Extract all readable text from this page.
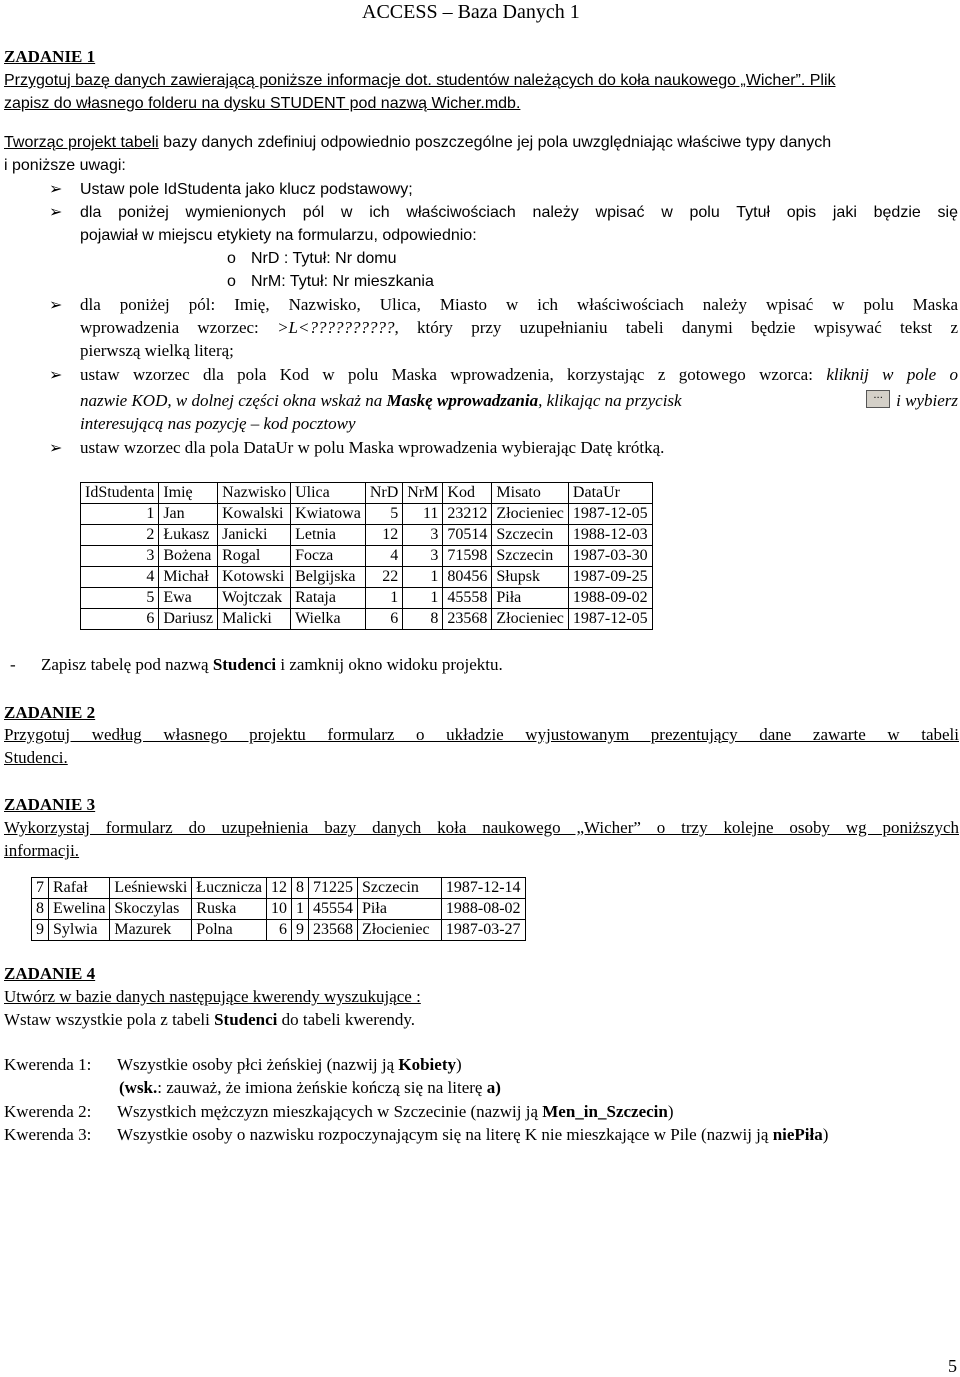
ACCESS – Baza Danych 1
ZADANIE 1
Przygotuj bazę danych zawierającą poniższe informacje dot. studentów należących do koła naukowego „Wicher”. Plik
zapisz do własnego folderu na dysku STUDENT pod nazwą Wicher.mdb.
Tworząc projekt tabeli bazy danych zdefiniuj odpowiednio poszczególne jej pola uwzględniając właściwe typy danych
i poniższe uwagi:
➢ Ustaw pole IdStudenta jako klucz podstawowy;
➢ dla poniżej wymienionych pól w ich właściwościach należy wpisać w polu Tytuł opis jaki będzie się
pojawiał w miejscu etykiety na formularzu, odpowiednio:
o NrD : Tytuł: Nr domu
o NrM: Tytuł: Nr mieszkania
➢ dla poniżej pól: Imię, Nazwisko, Ulica, Miasto w ich właściwościach należy wpisać w polu Maska
wprowadzenia wzorzec: >L<??????????, który przy uzupełnianiu tabeli danymi będzie wpisywać tekst z
pierwszą wielką literą;
➢ ustaw wzorzec dla pola Kod w polu Maska wprowadzenia, korzystając z gotowego wzorca: kliknij w pole o
nazwie KOD, w dolnej części okna wskaż na Maskę wprowadzania, klikając na przycisk	... i wybierz
interesującą nas pozycję – kod pocztowy
➢ ustaw wzorzec dla pola DataUr w polu Maska wprowadzenia wybierając Datę krótką.
IdStudenta	Imię	Nazwisko	Ulica	NrD	NrM	Kod	Misato	DataUr
1	Jan	Kowalski	Kwiatowa	5	11	23212	Złocieniec	1987-12-05
2	Łukasz	Janicki	Letnia	12	3	70514	Szczecin	1988-12-03
3	Bożena	Rogal	Focza	4	3	71598	Szczecin	1987-03-30
4	Michał	Kotowski	Belgijska	22	1	80456	Słupsk	1987-09-25
5	Ewa	Wojtczak	Rataja	1	1	45558	Piła	1988-09-02
6	Dariusz	Malicki	Wielka	6	8	23568	Złocieniec	1987-12-05
- Zapisz tabelę pod nazwą Studenci i zamknij okno widoku projektu.
ZADANIE 2
Przygotuj według własnego projektu formularz o układzie wyjustowanym prezentujący dane zawarte w tabeli
Studenci.
ZADANIE 3
Wykorzystaj formularz do uzupełnienia bazy danych koła naukowego „Wicher” o trzy kolejne osoby wg poniższych
informacji.
7	Rafał	Leśniewski	Łucznicza	12	8	71225	Szczecin	1987-12-14
8	Ewelina	Skoczylas	Ruska	10	1	45554	Piła	1988-08-02
9	Sylwia	Mazurek	Polna	6	9	23568	Złocieniec	1987-03-27
ZADANIE 4
Utwórz w bazie danych następujące kwerendy wyszukujące :
Wstaw wszystkie pola z tabeli Studenci do tabeli kwerendy.
Kwerenda 1: Wszystkie osoby płci żeńskiej (nazwij ją Kobiety)
(wsk.: zauważ, że imiona żeńskie kończą się na literę a)
Kwerenda 2: Wszystkich mężczyzn mieszkających w Szczecinie (nazwij ją Men_in_Szczecin)
Kwerenda 3: Wszystkie osoby o nazwisku rozpoczynającym się na literę K nie mieszkające w Pile (nazwij ją niePiła)
5
